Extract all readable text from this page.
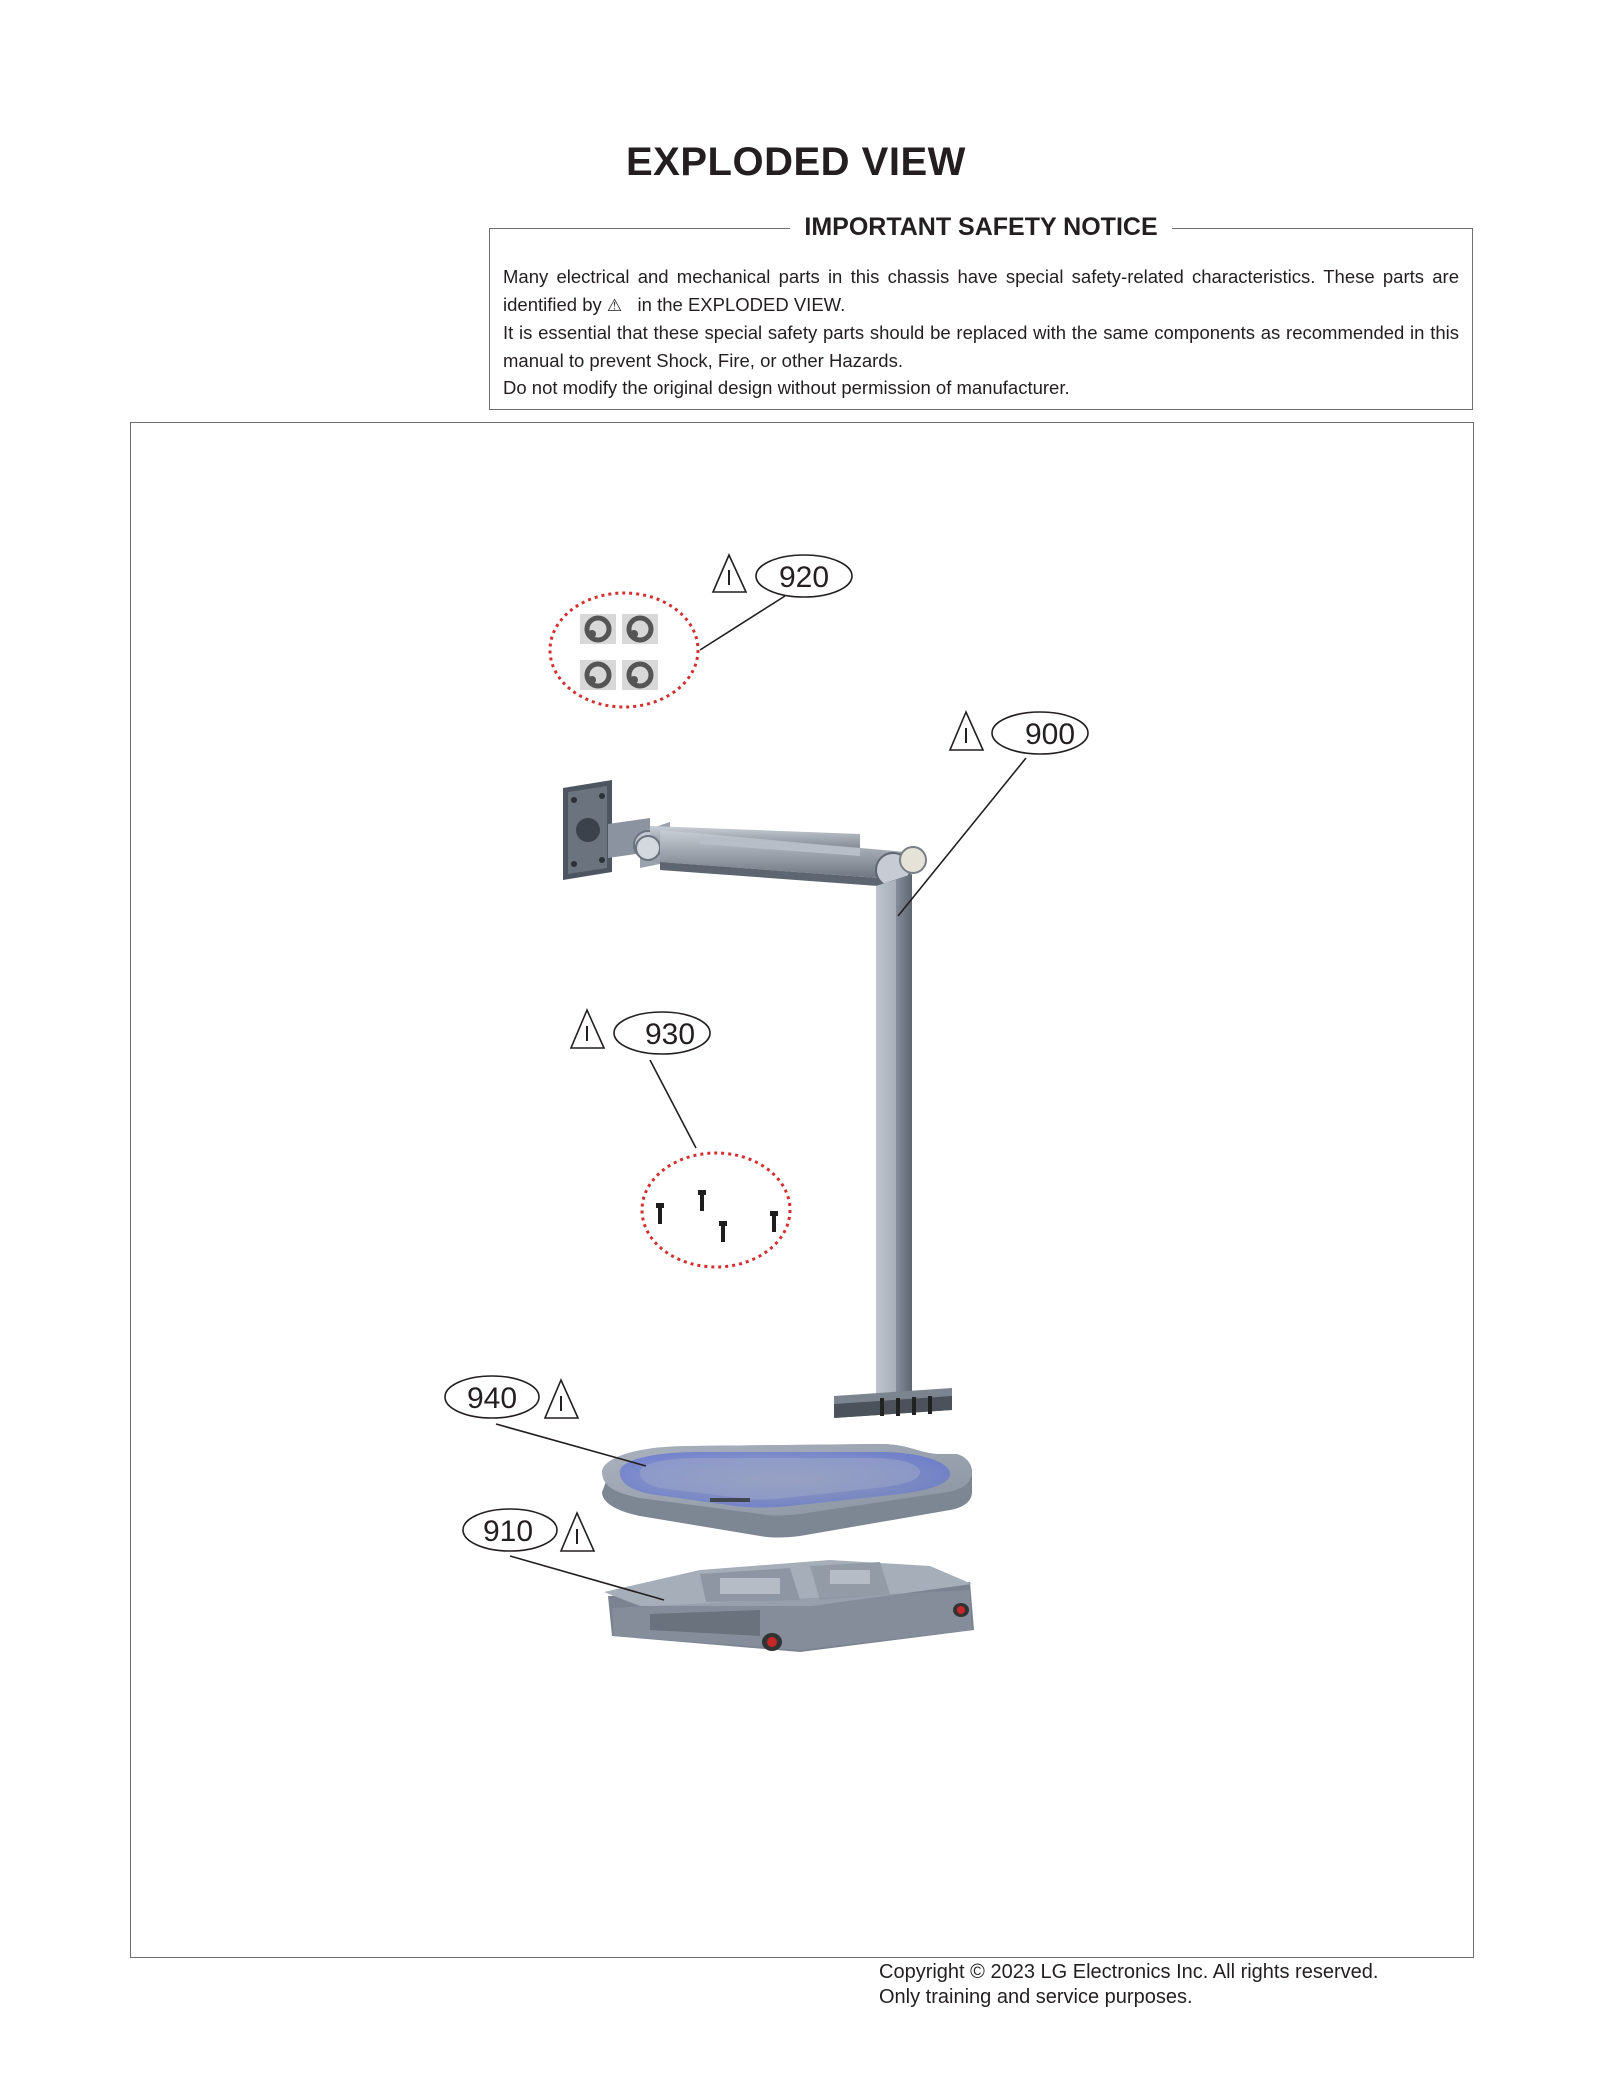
EXPLODED VIEW
IMPORTANT SAFETY NOTICE

Many electrical and mechanical parts in this chassis have special safety-related characteristics. These parts are identified by ⚠ in the EXPLODED VIEW.

It is essential that these special safety parts should be replaced with the same components as recommended in this manual to prevent Shock, Fire, or other Hazards.

Do not modify the original design without permission of manufacturer.

920
900
930
940
910
Copyright © 2023 LG Electronics Inc. All rights reserved.
Only training and service purposes.
